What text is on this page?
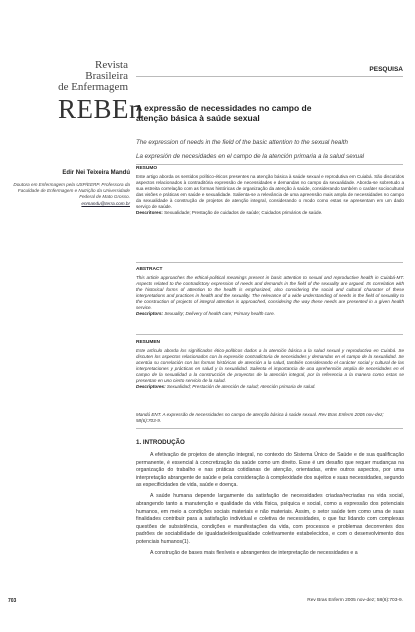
Revista
Brasileira
de Enfermagem
REBEn
PESQUISA
A expressão de necessidades no campo de atenção básica à saúde sexual
The expression of needs in the field of the basic attention to the sexual health
La expresión de necesidades en el campo de la atención primaria a la salud sexual
Edir Nei Teixeira Mandú
Doutora em Enfermagem pela USP/EERP. Professora da Faculdade de Enfermagem e Nutrição da Universidade Federal de Mato Grosso.
enmandu@terra.com.br
RESUMO

Este artigo aborda os sentidos político-éticos presentes na atenção básica à saúde sexual e reprodutiva em Cuiabá. São discutidos aspectos relacionados à contraditória expressão de necessidades e demandas no campo da sexualidade. Aborda-se sobretudo a sua estreita correlação com as formas históricas de organização da atenção à saúde, considerando também o caráter sociocultural das visões e práticas em saúde e sexualidade. Salienta-se a relevância de uma apreensão mais ampla de necessidades no campo da sexualidade à construção de projetos de atenção integral, considerando o modo como estas se apresentam em um dado serviço de saúde.

Descritores: Sexualidade; Prestação de cuidados de saúde; Cuidados primários de saúde.
ABSTRACT

This article approaches the ethical-political meanings present in basic attention to sexual and reproductive health in Cuiabá-MT. Aspects related to the contradictory expression of needs and demands in the field of the sexuality are argued. Its correlation with the historical forms of attention to the health is emphasized, also considering the social and cultural character of these interpretations and practices in health and the sexuality. The relevance of a wide understanding of needs in the field of sexuality to the construction of projects of integral attention is approached, considering the way these needs are presented in a given health service.

Descriptors: Sexuality; Delivery of health care; Primary health care.
RESUMEN

Este artículo aborda los significados ético-políticos dados a la atención básica a la salud sexual y reproductiva en Cuiabá. Se discuten los aspectos relacionados con la expresión contradictoria de necesidades y demandas en el campo de la sexualidad. Se acentúa su correlación con las formas históricas de atención a la salud, también considerando el carácter social y cultural de las interpretaciones y prácticas en salud y la sexualidad. Salienta el importancia de una aprehensión amplia de necesidades en el campo de la sexualidad a la construcción de proyectos de la atención integral, por la referencia a la manera como estas se presentan en uno cierto servicio de la salud.

Descriptores: Sexualidad; Prestación de atención de salud; Atención primaria de salud.
Mandú ENT. A expressão de necessidades no campo de atenção básica à saúde sexual. Rev Bras Enferm 2005 nov-dez; 58(6):703-9.
1. INTRODUÇÃO

A efetivação de projetos de atenção integral, no contexto do Sistema Único de Saúde e de sua qualificação permanente, é essencial à concretização da saúde como um direito. Esse é um desafio que requer mudanças na organização do trabalho e nas práticas cotidianas de atenção, orientadas, entre outros aspectos, por uma interpretação abrangente de saúde e pela consideração à complexidade dos sujeitos e suas necessidades, segundo as especificidades de vida, saúde e doença.

A saúde humana depende largamente da satisfação de necessidades criadas/recriadas na vida social, abrangendo tanto a manutenção e qualidade da vida física, psíquica e social, como a expressão dos potenciais humanos, em meio a condições sociais materiais e não materiais. Assim, o setor saúde tem como uma de suas finalidades contribuir para a satisfação individual e coletiva de necessidades, o que faz lidando com complexas questões de subsistência, condições e manifestações da vida, com processos e problemas decorrentes dos padrões de sociabilidade de igualdade/desigualdade coletivamente estabelecidos, e com o desenvolvimento dos potenciais humanos(1).

A construção de bases mais flexíveis e abrangentes de interpretação de necessidades e a

703	Rev Bras Enferm 2005 nov-dez; 58(6):703-9.
